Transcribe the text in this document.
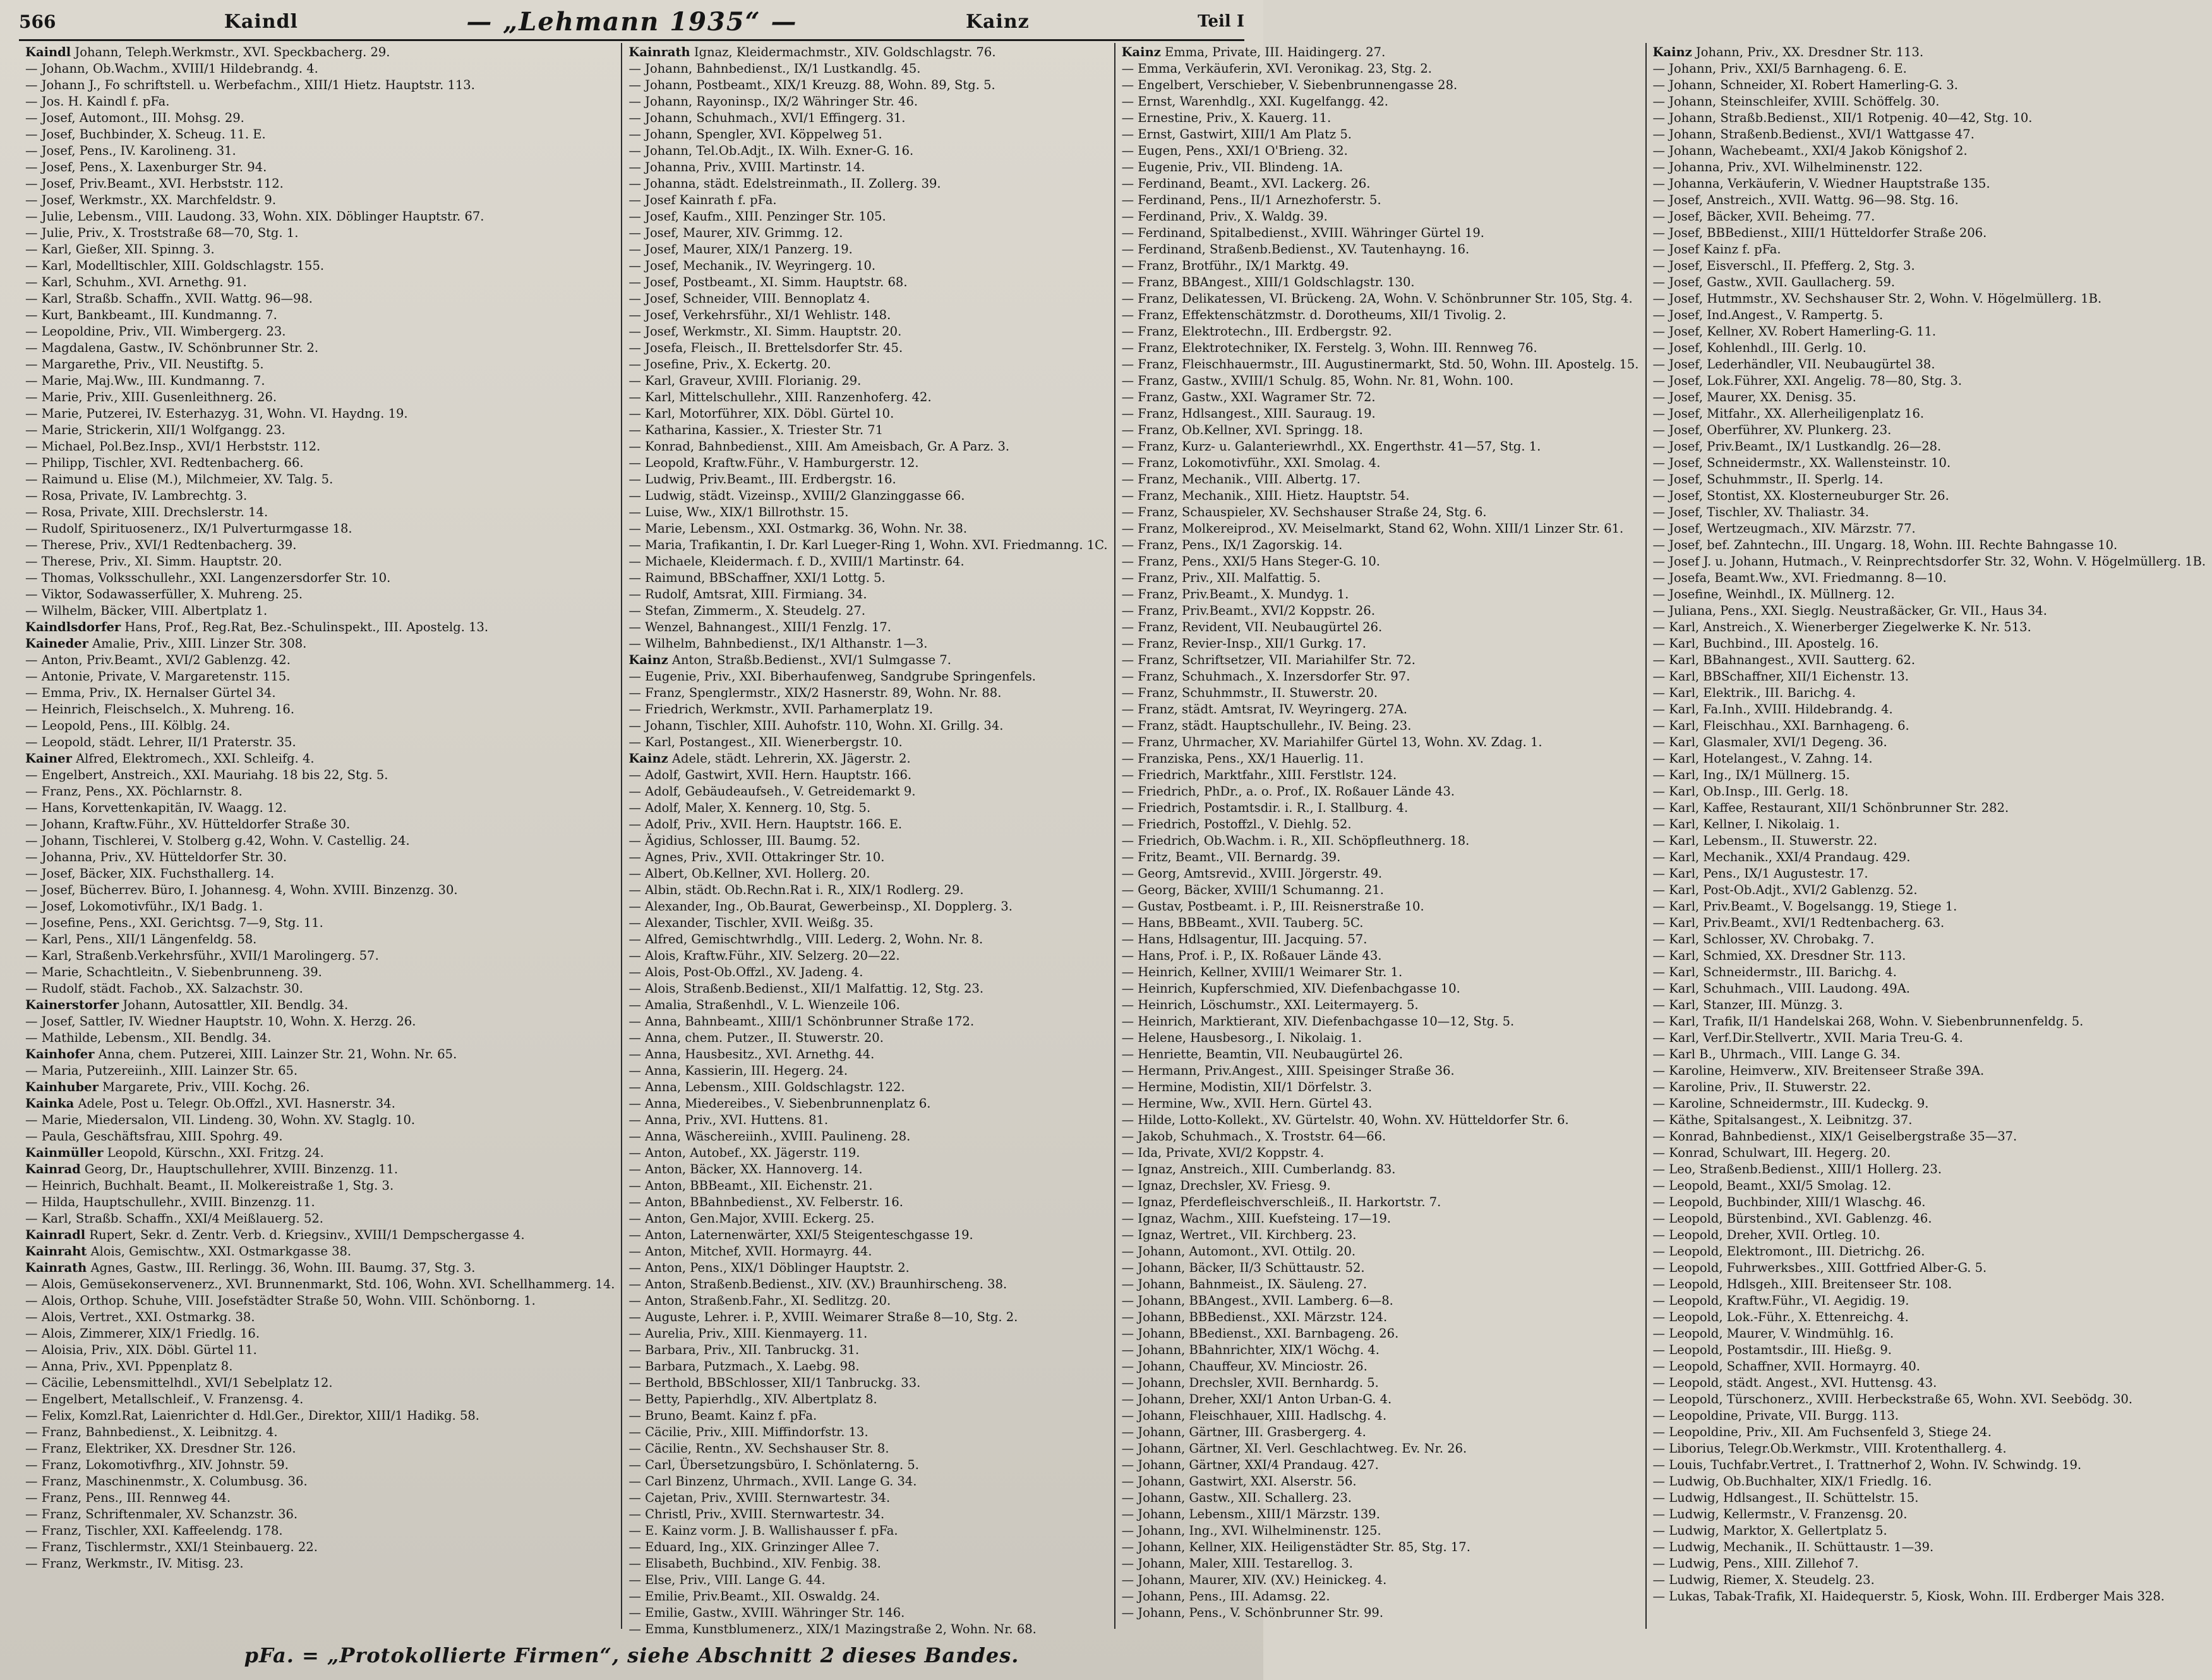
566	Kaindl	— „Lehmann 1935“ —	Kainz	Teil I
Kaindl Johann, Teleph.Werkmstr., XVI. Speckbacherg. 29.
— Johann, Ob.Wachm., XVIII/1 Hildebrandg. 4.
— Johann J., Fo schriftstell. u. Werbefachm., XIII/1 Hietz. Hauptstr. 113.
— Jos. H. Kaindl f. pFa.
— Josef, Automont., III. Mohsg. 29.
— Josef, Buchbinder, X. Scheug. 11. E.
— Josef, Pens., IV. Karolineng. 31.
— Josef, Pens., X. Laxenburger Str. 94.
— Josef, Priv.Beamt., XVI. Herbststr. 112.
— Josef, Werkmstr., XX. Marchfeldstr. 9.
— Julie, Lebensm., VIII. Laudong. 33, Wohn. XIX. Döblinger Hauptstr. 67.
— Julie, Priv., X. Troststraße 68—70, Stg. 1.
— Karl, Gießer, XII. Spinng. 3.
— Karl, Modelltischler, XIII. Goldschlagstr. 155.
— Karl, Schuhm., XVI. Arnethg. 91.
— Karl, Straßb. Schaffn., XVII. Wattg. 96—98.
— Kurt, Bankbeamt., III. Kundmanng. 7.
— Leopoldine, Priv., VII. Wimbergerg. 23.
— Magdalena, Gastw., IV. Schönbrunner Str. 2.
— Margarethe, Priv., VII. Neustiftg. 5.
— Marie, Maj.Ww., III. Kundmanng. 7.
— Marie, Priv., XIII. Gusenleithnerg. 26.
— Marie, Putzerei, IV. Esterhazyg. 31, Wohn. VI. Haydng. 19.
— Marie, Strickerin, XII/1 Wolfgangg. 23.
— Michael, Pol.Bez.Insp., XVI/1 Herbststr. 112.
— Philipp, Tischler, XVI. Redtenbacherg. 66.
— Raimund u. Elise (M.), Milchmeier, XV. Talg. 5.
— Rosa, Private, IV. Lambrechtg. 3.
— Rosa, Private, XIII. Drechslerstr. 14.
— Rudolf, Spirituosenerz., IX/1 Pulverturmgasse 18.
— Therese, Priv., XVI/1 Redtenbacherg. 39.
— Therese, Priv., XI. Simm. Hauptstr. 20.
— Thomas, Volksschullehr., XXI. Langenzersdorfer Str. 10.
— Viktor, Sodawasserfüller, X. Muhreng. 25.
— Wilhelm, Bäcker, VIII. Albertplatz 1.
Kaindlsdorfer Hans, Prof., Reg.Rat, Bez.-Schulinspekt., III. Apostelg. 13.
Kaineder Amalie, Priv., XIII. Linzer Str. 308.
— Anton, Priv.Beamt., XVI/2 Gablenzg. 42.
— Antonie, Private, V. Margaretenstr. 115.
— Emma, Priv., IX. Hernalser Gürtel 34.
— Heinrich, Fleischselch., X. Muhreng. 16.
— Leopold, Pens., III. Kölblg. 24.
— Leopold, städt. Lehrer, II/1 Praterstr. 35.
Kainer Alfred, Elektromech., XXI. Schleifg. 4.
— Engelbert, Anstreich., XXI. Mauriahg. 18 bis 22, Stg. 5.
— Franz, Pens., XX. Pöchlarnstr. 8.
— Hans, Korvettenkapitän, IV. Waagg. 12.
— Johann, Kraftw.Führ., XV. Hütteldorfer Straße 30.
— Johann, Tischlerei, V. Stolberg g.42, Wohn. V. Castellig. 24.
— Johanna, Priv., XV. Hütteldorfer Str. 30.
— Josef, Bäcker, XIX. Fuchsthallerg. 14.
— Josef, Bücherrev. Büro, I. Johannesg. 4, Wohn. XVIII. Binzenzg. 30.
— Josef, Lokomotivführ., IX/1 Badg. 1.
— Josefine, Pens., XXI. Gerichtsg. 7—9, Stg. 11.
— Karl, Pens., XII/1 Längenfeldg. 58.
— Karl, Straßenb.Verkehrsführ., XVII/1 Marolingerg. 57.
— Marie, Schachtleitn., V. Siebenbrunneng. 39.
— Rudolf, städt. Fachob., XX. Salzachstr. 30.
Kainerstorfer Johann, Autosattler, XII. Bendlg. 34.
— Josef, Sattler, IV. Wiedner Hauptstr. 10, Wohn. X. Herzg. 26.
— Mathilde, Lebensm., XII. Bendlg. 34.
Kainhofer Anna, chem. Putzerei, XIII. Lainzer Str. 21, Wohn. Nr. 65.
— Maria, Putzereiinh., XIII. Lainzer Str. 65.
Kainhuber Margarete, Priv., VIII. Kochg. 26.
Kainka Adele, Post u. Telegr. Ob.Offzl., XVI. Hasnerstr. 34.
— Marie, Miedersalon, VII. Lindeng. 30, Wohn. XV. Staglg. 10.
— Paula, Geschäftsfrau, XIII. Spohrg. 49.
Kainmüller Leopold, Kürschn., XXI. Fritzg. 24.
Kainrad Georg, Dr., Hauptschullehrer, XVIII. Binzenzg. 11.
— Heinrich, Buchhalt. Beamt., II. Molkereistraße 1, Stg. 3.
— Hilda, Hauptschullehr., XVIII. Binzenzg. 11.
— Karl, Straßb. Schaffn., XXI/4 Meißlauerg. 52.
Kainradl Rupert, Sekr. d. Zentr. Verb. d. Kriegsinv., XVIII/1 Dempschergasse 4.
Kainraht Alois, Gemischtw., XXI. Ostmarkgasse 38.
Kainrath Agnes, Gastw., III. Rerlingg. 36, Wohn. III. Baumg. 37, Stg. 3.
— Alois, Gemüsekonservenerz., XVI. Brunnenmarkt, Std. 106, Wohn. XVI. Schellhammerg. 14.
— Alois, Orthop. Schuhe, VIII. Josefstädter Straße 50, Wohn. VIII. Schönborng. 1.
— Alois, Vertret., XXI. Ostmarkg. 38.
— Alois, Zimmerer, XIX/1 Friedlg. 16.
— Aloisia, Priv., XIX. Döbl. Gürtel 11.
— Anna, Priv., XVI. Pppenplatz 8.
— Cäcilie, Lebensmittelhdl., XVI/1 Sebelplatz 12.
— Engelbert, Metallschleif., V. Franzensg. 4.
— Felix, Komzl.Rat, Laienrichter d. Hdl.Ger., Direktor, XIII/1 Hadikg. 58.
— Franz, Bahnbedienst., X. Leibnitzg. 4.
— Franz, Elektriker, XX. Dresdner Str. 126.
— Franz, Lokomotivfhrg., XIV. Johnstr. 59.
— Franz, Maschinenmstr., X. Columbusg. 36.
— Franz, Pens., III. Rennweg 44.
— Franz, Schriftenmaler, XV. Schanzstr. 36.
— Franz, Tischler, XXI. Kaffeelendg. 178.
— Franz, Tischlermstr., XXI/1 Steinbauerg. 22.
— Franz, Werkmstr., IV. Mitisg. 23.
Kainrath Ignaz, Kleidermachmstr., XIV. Goldschlagstr. 76.
— Johann, Bahnbedienst., IX/1 Lustkandlg. 45.
— Johann, Postbeamt., XIX/1 Kreuzg. 88, Wohn. 89, Stg. 5.
— Johann, Rayoninsp., IX/2 Währinger Str. 46.
— Johann, Schuhmach., XVI/1 Effingerg. 31.
— Johann, Spengler, XVI. Köppelweg 51.
— Johann, Tel.Ob.Adjt., IX. Wilh. Exner-G. 16.
— Johanna, Priv., XVIII. Martinstr. 14.
— Johanna, städt. Edelstreinmath., II. Zollerg. 39.
— Josef Kainrath f. pFa.
— Josef, Kaufm., XIII. Penzinger Str. 105.
— Josef, Maurer, XIV. Grimmg. 12.
— Josef, Maurer, XIX/1 Panzerg. 19.
— Josef, Mechanik., IV. Weyringerg. 10.
— Josef, Postbeamt., XI. Simm. Hauptstr. 68.
— Josef, Schneider, VIII. Bennoplatz 4.
— Josef, Verkehrsführ., XI/1 Wehlistr. 148.
— Josef, Werkmstr., XI. Simm. Hauptstr. 20.
— Josefa, Fleisch., II. Brettelsdorfer Str. 45.
— Josefine, Priv., X. Eckertg. 20.
— Karl, Graveur, XVIII. Florianig. 29.
— Karl, Mittelschullehr., XIII. Ranzenhoferg. 42.
— Karl, Motorführer, XIX. Döbl. Gürtel 10.
— Katharina, Kassier., X. Triester Str. 71
— Konrad, Bahnbedienst., XIII. Am Ameisbach, Gr. A Parz. 3.
— Leopold, Kraftw.Führ., V. Hamburgerstr. 12.
— Ludwig, Priv.Beamt., III. Erdbergstr. 16.
— Ludwig, städt. Vizeinsp., XVIII/2 Glanzinggasse 66.
— Luise, Ww., XIX/1 Billrothstr. 15.
— Marie, Lebensm., XXI. Ostmarkg. 36, Wohn. Nr. 38.
— Maria, Trafikantin, I. Dr. Karl Lueger-Ring 1, Wohn. XVI. Friedmanng. 1C.
— Michaele, Kleidermach. f. D., XVIII/1 Martinstr. 64.
— Raimund, BBSchaffner, XXI/1 Lottg. 5.
— Rudolf, Amtsrat, XIII. Firmiang. 34.
— Stefan, Zimmerm., X. Steudelg. 27.
— Wenzel, Bahnangest., XIII/1 Fenzlg. 17.
— Wilhelm, Bahnbedienst., IX/1 Althanstr. 1—3.
Kainz Anton, Straßb.Bedienst., XVI/1 Sulmgasse 7.
— Eugenie, Priv., XXI. Biberhaufenweg, Sandgrube Springenfels.
— Franz, Spenglermstr., XIX/2 Hasnerstr. 89, Wohn. Nr. 88.
— Friedrich, Werkmstr., XVII. Parhamerplatz 19.
— Johann, Tischler, XIII. Auhofstr. 110, Wohn. XI. Grillg. 34.
— Karl, Postangest., XII. Wienerbergstr. 10.
Kainz Adele, städt. Lehrerin, XX. Jägerstr. 2.
— Adolf, Gastwirt, XVII. Hern. Hauptstr. 166.
— Adolf, Gebäudeaufseh., V. Getreidemarkt 9.
— Adolf, Maler, X. Kennerg. 10, Stg. 5.
— Adolf, Priv., XVII. Hern. Hauptstr. 166. E.
— Ägidius, Schlosser, III. Baumg. 52.
— Agnes, Priv., XVII. Ottakringer Str. 10.
— Albert, Ob.Kellner, XVI. Hollerg. 20.
— Albin, städt. Ob.Rechn.Rat i. R., XIX/1 Rodlerg. 29.
— Alexander, Ing., Ob.Baurat, Gewerbeinsp., XI. Dopplerg. 3.
— Alexander, Tischler, XVII. Weißg. 35.
— Alfred, Gemischtwrhdlg., VIII. Lederg. 2, Wohn. Nr. 8.
— Alois, Kraftw.Führ., XIV. Selzerg. 20—22.
— Alois, Post-Ob.Offzl., XV. Jadeng. 4.
— Alois, Straßenb.Bedienst., XII/1 Malfattig. 12, Stg. 23.
— Amalia, Straßenhdl., V. L. Wienzeile 106.
— Anna, Bahnbeamt., XIII/1 Schönbrunner Straße 172.
— Anna, chem. Putzer., II. Stuwerstr. 20.
— Anna, Hausbesitz., XVI. Arnethg. 44.
— Anna, Kassierin, III. Hegerg. 24.
— Anna, Lebensm., XIII. Goldschlagstr. 122.
— Anna, Miedereibes., V. Siebenbrunnenplatz 6.
— Anna, Priv., XVI. Huttens. 81.
— Anna, Wäschereiinh., XVIII. Paulineng. 28.
— Anton, Autobef., XX. Jägerstr. 119.
— Anton, Bäcker, XX. Hannoverg. 14.
— Anton, BBBeamt., XII. Eichenstr. 21.
— Anton, BBahnbedienst., XV. Felberstr. 16.
— Anton, Gen.Major, XVIII. Eckerg. 25.
— Anton, Laternenwärter, XXI/5 Steigenteschgasse 19.
— Anton, Mitchef, XVII. Hormayrg. 44.
— Anton, Pens., XIX/1 Döblinger Hauptstr. 2.
— Anton, Straßenb.Bedienst., XIV. (XV.) Braunhirscheng. 38.
— Anton, Straßenb.Fahr., XI. Sedlitzg. 20.
— Auguste, Lehrer. i. P., XVIII. Weimarer Straße 8—10, Stg. 2.
— Aurelia, Priv., XIII. Kienmayerg. 11.
— Barbara, Priv., XII. Tanbruckg. 31.
— Barbara, Putzmach., X. Laebg. 98.
— Berthold, BBSchlosser, XII/1 Tanbruckg. 33.
— Betty, Papierhdlg., XIV. Albertplatz 8.
— Bruno, Beamt. Kainz f. pFa.
— Cäcilie, Priv., XIII. Miffindorfstr. 13.
— Cäcilie, Rentn., XV. Sechshauser Str. 8.
— Carl, Übersetzungsbüro, I. Schönlaterng. 5.
— Carl Binzenz, Uhrmach., XVII. Lange G. 34.
— Cajetan, Priv., XVIII. Sternwartestr. 34.
— Christl, Priv., XVIII. Sternwartestr. 34.
— E. Kainz vorm. J. B. Wallishausser f. pFa.
— Eduard, Ing., XIX. Grinzinger Allee 7.
— Elisabeth, Buchbind., XIV. Fenbig. 38.
— Else, Priv., VIII. Lange G. 44.
— Emilie, Priv.Beamt., XII. Oswaldg. 24.
— Emilie, Gastw., XVIII. Währinger Str. 146.
— Emma, Kunstblumenerz., XIX/1 Mazingstraße 2, Wohn. Nr. 68.
Kainz Emma, Private, III. Haidingerg. 27.
— Emma, Verkäuferin, XVI. Veronikag. 23, Stg. 2.
— Engelbert, Verschieber, V. Siebenbrunnengasse 28.
— Ernst, Warenhdlg., XXI. Kugelfangg. 42.
— Ernestine, Priv., X. Kauerg. 11.
— Ernst, Gastwirt, XIII/1 Am Platz 5.
— Eugen, Pens., XXI/1 O'Brieng. 32.
— Eugenie, Priv., VII. Blindeng. 1A.
— Ferdinand, Beamt., XVI. Lackerg. 26.
— Ferdinand, Pens., II/1 Arnezhoferstr. 5.
— Ferdinand, Priv., X. Waldg. 39.
— Ferdinand, Spitalbedienst., XVIII. Währinger Gürtel 19.
— Ferdinand, Straßenb.Bedienst., XV. Tautenhayng. 16.
— Franz, Brotführ., IX/1 Marktg. 49.
— Franz, BBAngest., XIII/1 Goldschlagstr. 130.
— Franz, Delikatessen, VI. Brückeng. 2A, Wohn. V. Schönbrunner Str. 105, Stg. 4.
— Franz, Effektenschätzmstr. d. Dorotheums, XII/1 Tivolig. 2.
— Franz, Elektrotechn., III. Erdbergstr. 92.
— Franz, Elektrotechniker, IX. Ferstelg. 3, Wohn. III. Rennweg 76.
— Franz, Fleischhauermstr., III. Augustinermarkt, Std. 50, Wohn. III. Apostelg. 15.
— Franz, Gastw., XVIII/1 Schulg. 85, Wohn. Nr. 81, Wohn. 100.
— Franz, Gastw., XXI. Wagramer Str. 72.
— Franz, Hdlsangest., XIII. Sauraug. 19.
— Franz, Ob.Kellner, XVI. Springg. 18.
— Franz, Kurz- u. Galanteriewrhdl., XX. Engerthstr. 41—57, Stg. 1.
— Franz, Lokomotivführ., XXI. Smolag. 4.
— Franz, Mechanik., VIII. Albertg. 17.
— Franz, Mechanik., XIII. Hietz. Hauptstr. 54.
— Franz, Schauspieler, XV. Sechshauser Straße 24, Stg. 6.
— Franz, Molkereiprod., XV. Meiselmarkt, Stand 62, Wohn. XIII/1 Linzer Str. 61.
— Franz, Pens., IX/1 Zagorskig. 14.
— Franz, Pens., XXI/5 Hans Steger-G. 10.
— Franz, Priv., XII. Malfattig. 5.
— Franz, Priv.Beamt., X. Mundyg. 1.
— Franz, Priv.Beamt., XVI/2 Koppstr. 26.
— Franz, Revident, VII. Neubaugürtel 26.
— Franz, Revier-Insp., XII/1 Gurkg. 17.
— Franz, Schriftsetzer, VII. Mariahilfer Str. 72.
— Franz, Schuhmach., X. Inzersdorfer Str. 97.
— Franz, Schuhmmstr., II. Stuwerstr. 20.
— Franz, städt. Amtsrat, IV. Weyringerg. 27A.
— Franz, städt. Hauptschullehr., IV. Being. 23.
— Franz, Uhrmacher, XV. Mariahilfer Gürtel 13, Wohn. XV. Zdag. 1.
— Franziska, Pens., XX/1 Hauerlig. 11.
— Friedrich, Marktfahr., XIII. Ferstlstr. 124.
— Friedrich, PhDr., a. o. Prof., IX. Roßauer Lände 43.
— Friedrich, Postamtsdir. i. R., I. Stallburg. 4.
— Friedrich, Postoffzl., V. Diehlg. 52.
— Friedrich, Ob.Wachm. i. R., XII. Schöpfleuthnerg. 18.
— Fritz, Beamt., VII. Bernardg. 39.
— Georg, Amtsrevid., XVIII. Jörgerstr. 49.
— Georg, Bäcker, XVIII/1 Schumanng. 21.
— Gustav, Postbeamt. i. P., III. Reisnerstraße 10.
— Hans, BBBeamt., XVII. Tauberg. 5C.
— Hans, Hdlsagentur, III. Jacquing. 57.
— Hans, Prof. i. P., IX. Roßauer Lände 43.
— Heinrich, Kellner, XVIII/1 Weimarer Str. 1.
— Heinrich, Kupferschmied, XIV. Diefenbachgasse 10.
— Heinrich, Löschumstr., XXI. Leitermayerg. 5.
— Heinrich, Marktierant, XIV. Diefenbachgasse 10—12, Stg. 5.
— Helene, Hausbesorg., I. Nikolaig. 1.
— Henriette, Beamtin, VII. Neubaugürtel 26.
— Hermann, Priv.Angest., XIII. Speisinger Straße 36.
— Hermine, Modistin, XII/1 Dörfelstr. 3.
— Hermine, Ww., XVII. Hern. Gürtel 43.
— Hilde, Lotto-Kollekt., XV. Gürtelstr. 40, Wohn. XV. Hütteldorfer Str. 6.
— Jakob, Schuhmach., X. Troststr. 64—66.
— Ida, Private, XVI/2 Koppstr. 4.
— Ignaz, Anstreich., XIII. Cumberlandg. 83.
— Ignaz, Drechsler, XV. Friesg. 9.
— Ignaz, Pferdefleischverschleiß., II. Harkortstr. 7.
— Ignaz, Wachm., XIII. Kuefsteing. 17—19.
— Ignaz, Wertret., VII. Kirchberg. 23.
— Johann, Automont., XVI. Ottilg. 20.
— Johann, Bäcker, II/3 Schüttaustr. 52.
— Johann, Bahnmeist., IX. Säuleng. 27.
— Johann, BBAngest., XVII. Lamberg. 6—8.
— Johann, BBBedienst., XXI. Märzstr. 124.
— Johann, BBedienst., XXI. Barnbageng. 26.
— Johann, BBahnrichter, XIX/1 Wöchg. 4.
— Johann, Chauffeur, XV. Minciostr. 26.
— Johann, Drechsler, XVII. Bernhardg. 5.
— Johann, Dreher, XXI/1 Anton Urban-G. 4.
— Johann, Fleischhauer, XIII. Hadlschg. 4.
— Johann, Gärtner, III. Grasbergerg. 4.
— Johann, Gärtner, XI. Verl. Geschlachtweg. Ev. Nr. 26.
— Johann, Gärtner, XXI/4 Prandaug. 427.
— Johann, Gastwirt, XXI. Alserstr. 56.
— Johann, Gastw., XII. Schallerg. 23.
— Johann, Lebensm., XIII/1 Märzstr. 139.
— Johann, Ing., XVI. Wilhelminenstr. 125.
— Johann, Kellner, XIX. Heiligenstädter Str. 85, Stg. 17.
— Johann, Maler, XIII. Testarellog. 3.
— Johann, Maurer, XIV. (XV.) Heinickeg. 4.
— Johann, Pens., III. Adamsg. 22.
— Johann, Pens., V. Schönbrunner Str. 99.
Kainz Johann, Priv., XX. Dresdner Str. 113.
— Johann, Priv., XXI/5 Barnhageng. 6. E.
— Johann, Schneider, XI. Robert Hamerling-G. 3.
— Johann, Steinschleifer, XVIII. Schöffelg. 30.
— Johann, Straßb.Bedienst., XII/1 Rotpenig. 40—42, Stg. 10.
— Johann, Straßenb.Bedienst., XVI/1 Wattgasse 47.
— Johann, Wachebeamt., XXI/4 Jakob Königshof 2.
— Johanna, Priv., XVI. Wilhelminenstr. 122.
— Johanna, Verkäuferin, V. Wiedner Hauptstraße 135.
— Josef, Anstreich., XVII. Wattg. 96—98. Stg. 16.
— Josef, Bäcker, XVII. Beheimg. 77.
— Josef, BBBedienst., XIII/1 Hütteldorfer Straße 206.
— Josef Kainz f. pFa.
— Josef, Eisverschl., II. Pfefferg. 2, Stg. 3.
— Josef, Gastw., XVII. Gaullacherg. 59.
— Josef, Hutmmstr., XV. Sechshauser Str. 2, Wohn. V. Högelmüllerg. 1B.
— Josef, Ind.Angest., V. Rampertg. 5.
— Josef, Kellner, XV. Robert Hamerling-G. 11.
— Josef, Kohlenhdl., III. Gerlg. 10.
— Josef, Lederhändler, VII. Neubaugürtel 38.
— Josef, Lok.Führer, XXI. Angelig. 78—80, Stg. 3.
— Josef, Maurer, XX. Denisg. 35.
— Josef, Mitfahr., XX. Allerheiligenplatz 16.
— Josef, Oberführer, XV. Plunkerg. 23.
— Josef, Priv.Beamt., IX/1 Lustkandlg. 26—28.
— Josef, Schneidermstr., XX. Wallensteinstr. 10.
— Josef, Schuhmmstr., II. Sperlg. 14.
— Josef, Stontist, XX. Klosterneuburger Str. 26.
— Josef, Tischler, XV. Thaliastr. 34.
— Josef, Wertzeugmach., XIV. Märzstr. 77.
— Josef, bef. Zahntechn., III. Ungarg. 18, Wohn. III. Rechte Bahngasse 10.
— Josef J. u. Johann, Hutmach., V. Reinprechtsdorfer Str. 32, Wohn. V. Högelmüllerg. 1B.
— Josefa, Beamt.Ww., XVI. Friedmanng. 8—10.
— Josefine, Weinhdl., IX. Müllnerg. 12.
— Juliana, Pens., XXI. Sieglg. Neustraßäcker, Gr. VII., Haus 34.
— Karl, Anstreich., X. Wienerberger Ziegelwerke K. Nr. 513.
— Karl, Buchbind., III. Apostelg. 16.
— Karl, BBahnangest., XVII. Sautterg. 62.
— Karl, BBSchaffner, XII/1 Eichenstr. 13.
— Karl, Elektrik., III. Barichg. 4.
— Karl, Fa.Inh., XVIII. Hildebrandg. 4.
— Karl, Fleischhau., XXI. Barnhageng. 6.
— Karl, Glasmaler, XVI/1 Degeng. 36.
— Karl, Hotelangest., V. Zahng. 14.
— Karl, Ing., IX/1 Müllnerg. 15.
— Karl, Ob.Insp., III. Gerlg. 18.
— Karl, Kaffee, Restaurant, XII/1 Schönbrunner Str. 282.
— Karl, Kellner, I. Nikolaig. 1.
— Karl, Lebensm., II. Stuwerstr. 22.
— Karl, Mechanik., XXI/4 Prandaug. 429.
— Karl, Pens., IX/1 Augustestr. 17.
— Karl, Post-Ob.Adjt., XVI/2 Gablenzg. 52.
— Karl, Priv.Beamt., V. Bogelsangg. 19, Stiege 1.
— Karl, Priv.Beamt., XVI/1 Redtenbacherg. 63.
— Karl, Schlosser, XV. Chrobakg. 7.
— Karl, Schmied, XX. Dresdner Str. 113.
— Karl, Schneidermstr., III. Barichg. 4.
— Karl, Schuhmach., VIII. Laudong. 49A.
— Karl, Stanzer, III. Münzg. 3.
— Karl, Trafik, II/1 Handelskai 268, Wohn. V. Siebenbrunnenfeldg. 5.
— Karl, Verf.Dir.Stellvertr., XVII. Maria Treu-G. 4.
— Karl B., Uhrmach., VIII. Lange G. 34.
— Karoline, Heimverw., XIV. Breitenseer Straße 39A.
— Karoline, Priv., II. Stuwerstr. 22.
— Karoline, Schneidermstr., III. Kudeckg. 9.
— Käthe, Spitalsangest., X. Leibnitzg. 37.
— Konrad, Bahnbedienst., XIX/1 Geiselbergstraße 35—37.
— Konrad, Schulwart, III. Hegerg. 20.
— Leo, Straßenb.Bedienst., XIII/1 Hollerg. 23.
— Leopold, Beamt., XXI/5 Smolag. 12.
— Leopold, Buchbinder, XIII/1 Wlaschg. 46.
— Leopold, Bürstenbind., XVI. Gablenzg. 46.
— Leopold, Dreher, XVII. Ortleg. 10.
— Leopold, Elektromont., III. Dietrichg. 26.
— Leopold, Fuhrwerksbes., XIII. Gottfried Alber-G. 5.
— Leopold, Hdlsgeh., XIII. Breitenseer Str. 108.
— Leopold, Kraftw.Führ., VI. Aegidig. 19.
— Leopold, Lok.-Führ., X. Ettenreichg. 4.
— Leopold, Maurer, V. Windmühlg. 16.
— Leopold, Postamtsdir., III. Hießg. 9.
— Leopold, Schaffner, XVII. Hormayrg. 40.
— Leopold, städt. Angest., XVI. Huttensg. 43.
— Leopold, Türschonerz., XVIII. Herbeckstraße 65, Wohn. XVI. Seebödg. 30.
— Leopoldine, Private, VII. Burgg. 113.
— Leopoldine, Priv., XII. Am Fuchsenfeld 3, Stiege 24.
— Liborius, Telegr.Ob.Werkmstr., VIII. Krotenthallerg. 4.
— Louis, Tuchfabr.Vertret., I. Trattnerhof 2, Wohn. IV. Schwindg. 19.
— Ludwig, Ob.Buchhalter, XIX/1 Friedlg. 16.
— Ludwig, Hdlsangest., II. Schüttelstr. 15.
— Ludwig, Kellermstr., V. Franzensg. 20.
— Ludwig, Marktor, X. Gellertplatz 5.
— Ludwig, Mechanik., II. Schüttaustr. 1—39.
— Ludwig, Pens., XIII. Zillehof 7.
— Ludwig, Riemer, X. Steudelg. 23.
— Lukas, Tabak-Trafik, XI. Haidequerstr. 5, Kiosk, Wohn. III. Erdberger Mais 328.
pFa. = „Protokollierte Firmen“, siehe Abschnitt 2 dieses Bandes.
